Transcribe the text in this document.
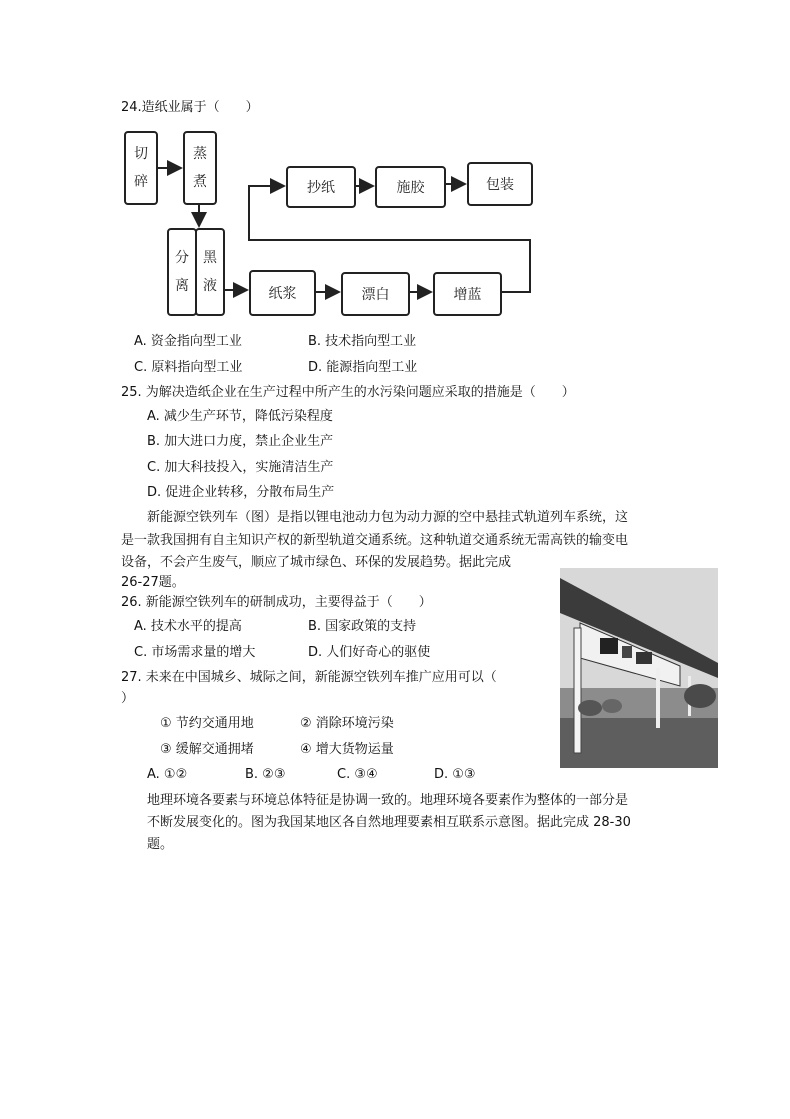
24.造纸业属于（　　）
切
碎
蒸
煮
分
离
黑
液
抄纸	施胶	包装
纸浆	漂白	增蓝
A. 资金指向型工业	B. 技术指向型工业
C. 原料指向型工业	D. 能源指向型工业
25. 为解决造纸企业在生产过程中所产生的水污染问题应采取的措施是（　　）
A. 减少生产环节，降低污染程度
B. 加大进口力度，禁止企业生产
C. 加大科技投入，实施清洁生产
D. 促进企业转移，分散布局生产
新能源空铁列车（图）是指以锂电池动力包为动力源的空中悬挂式轨道列车系统，这
是一款我国拥有自主知识产权的新型轨道交通系统。这种轨道交通系统无需高铁的输变电
设备，不会产生废气，顺应了城市绿色、环保的发展趋势。据此完成
26-27题。
26. 新能源空铁列车的研制成功，主要得益于（　　）
A. 技术水平的提高	B. 国家政策的支持
C. 市场需求量的增大	D. 人们好奇心的驱使
27. 未来在中国城乡、城际之间，新能源空铁列车推广应用可以（
）
① 节约交通用地	② 消除环境污染
③ 缓解交通拥堵	④ 增大货物运量
A. ①②	B. ②③	C. ③④	D. ①③
地理环境各要素与环境总体特征是协调一致的。地理环境各要素作为整体的一部分是
不断发展变化的。图为我国某地区各自然地理要素相互联系示意图。据此完成 28-30
题。
